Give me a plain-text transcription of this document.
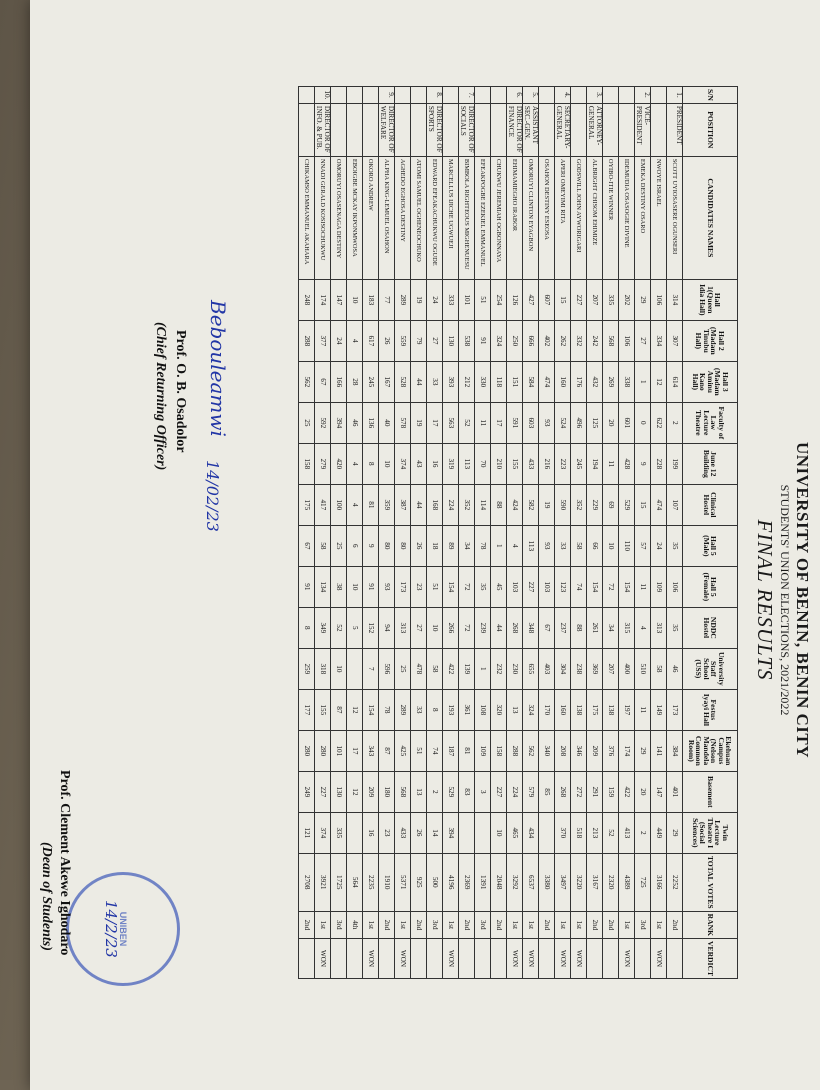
UNIVERSITY OF BENIN, BENIN CITY
STUDENTS' UNION ELECTIONS, 2021/2022
FINAL RESULTS
S/N	POSITION	CANDIDATES NAMES	Hall 1(Queen Idia Hall)	Hall 2 (Madam Tinubu Hall)	Hall 3 (Madam Aminu Kano Hall)	Faculty of Law Lecture Theatre	June 12 Building	Clinical Hostel	Hall 5 (Male)	Hall 5 (Female)	NDDC Hostel	University Staff School (USS)	Festus Iyayi Hall	Ekehuan Campus (Nelson Mandela Common Room)	Basement	Twin Lecture Theatre I (Social Sciences)	TOTAL VOTES	RANK	VERDICT
1.	PRESIDENT	SCOTT UYIOSASERE OGUNSERI	314	307	614	2	199	107	35	106	35	46	173	384	401	29	2252	2nd	
		NWOYE ISRAEL	106	334	12	622	228	474	24	109	313	58	149	141	147	449	3166	1st	WON
2.	VICE-PRESIDENT	EMEKA DESTINY OSARO	29	27	1	0	9	15	57	11	4	510	11	29	20	2	725	3rd	
		IDEMUDIA OSASOGIE DIVINE	202	106	338	601	428	529	110	154	315	400	197	174	422	413	4389	1st	WON
		OYIBO-ITIE WINNER	335	568	269	20	11	69	10	72	34	207	138	376	159	52	2320	2nd	
3.	ATTORNEY-GENERAL	ALBRIGHT CHISOM EHIMIZE	207	242	432	125	194	229	66	154	261	369	175	209	291	213	3167	2nd	
		GODSWILL JOHN AYWORIGARI	227	332	176	496	245	352	58	74	88	238	138	346	272	518	3220	1st	WON
4.	SECRETARY-GENERAL	APERI OMEYIMI RITA	15	262	160	524	223	590	33	123	237	304	160	208	268	370	3497	1st	WON
		OSAHON DESTINY ESEOSA	607	402	474	93	216	19	93	103	67	403	170	340	85		3380	2nd	
5.	ASSISTANT SEC.-GEN.	OMORUYI CLINTON EYAGBON	427	666	584	603	433	582	113	227	348	655	324	562	579	434	6537	1st	WON
6.	DIRECTOR OF FINANCE	EHIMAMIEGHO IRABOR	126	250	151	591	155	424	4	103	268	230	13	288	224	465	3292	1st	WON
		CHUKWU JEREMIAH OGBONNAYA	254	324	118	17	210	88	1	45	44	232	320	158	227	10	2048	2nd	
		EFEAKPOGBE EZEKIEL EMMANUEL	51	91	330	11	70	114	78	35	239	1	108	109	3		1391	3rd	
7.	DIRECTOR OF SOCIALS	BIMBOLA RIGHTEOUS MIGHENUESU	101	538	212	52	113	352	34	72	72	139	361	81	83		2369	2nd	
		MARCELLUS IJICHE UGWUEJI	333	130	393	563	319	224	89	154	266	422	193	187	529	394	4196	1st	WON
8.	DIRECTOR OF SPORTS	EDWARD EFEAKACHUKWU OGUDE	24	27	33	17	16	168	18	51	10	58	8	74	2	14	500	3rd	
		ATOMI SAMUEL OGHENEOCHUKO	19	79	44	19	43	44	26	23	27	478	33	51	13	26	925	2nd	
		AGHEDO EGHOSA DESTINY	289	559	528	578	374	387	80	173	313	25	289	425	568	433	5371	1st	WON
9.	DIRECTOR OF WELFARE	ALPHA KING-LEMUEL OSAHON	77	26	167	40	10	359	80	93	94	596	78	87	180	23	1910	2nd	
		OKORO ANDREW	183	617	245	136	8	81	9	91	152	7	154	343	209	16	2235	1st	WON
		EBOIGBE MCKAY IKPONMWOSA	10	4	28	46	4	4	6	10	5		12	17	12		564	4th	
		OMORUYI OSASENAGA DESTINY	147	24	166	394	420	100	25	38	52	10	87	101	130	335	1725	3rd	
10.	DIRECTOR OF INFO. & PUB.	NNADI GERALD KOSISOCHUKWU	174	377	67	592	279	417	58	134	349	318	155	280	227	374	3921	1st	WON
		CHIKAMSO EMMANUEL AKAHARA	248	288	562	25	158	175	67	91	8	259	177	280	249	121	2708	2nd	
UNIBEN
Bebouleamwi
14/02/23
Prof. O. B. Osadolor
(Chief Returning Officer)
14/2/23
Prof. Clement Akewe Ighodaro
(Dean of Students)
